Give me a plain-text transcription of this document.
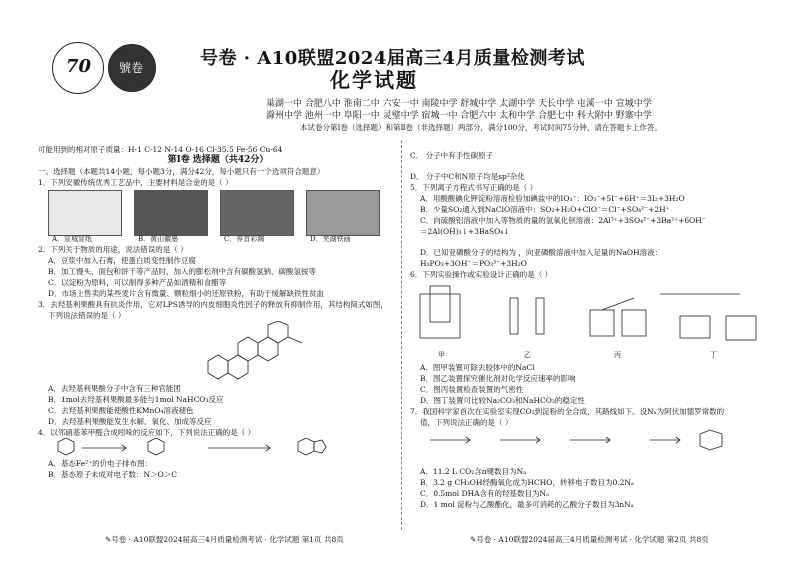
70 號卷	号卷 · A10联盟2024届高三4月质量检测考试
化学试题
巢湖一中 合肥八中 淮南二中 六安一中 南陵中学 舒城中学 太湖中学 天长中学 屯溪一中 宣城中学
滁州中学 池州一中 阜阳一中 灵璧中学 宿城一中 合肥六中 太和中学 合肥七中 科大附中 野寨中学
本试卷分第Ⅰ卷（选择题）和第Ⅱ卷（非选择题）两部分，满分100分，考试时间75分钟，请在答题卡上作答。
可能用到的相对原子质量：H-1 C-12 N-14 O-16 Cl-35.5 Fe-56 Cu-64
第Ⅰ卷 选择题（共42分）
一、选择题（本题共14小题，每小题3分，满分42分，每小题只有一个选项符合题意）
1．下列安徽传统优秀工艺品中，主要材料是合金的是（ ）
A．宣城宣纸	B．黄山徽墨	C．界首彩陶	D．芜湖铁画
2．下列关于物质的用途，说法错误的是（ ）
A．豆浆中加入石膏，使蛋白质变性制作豆腐
B．加工馒头、面包和饼干等产品时，加入的膨松剂中含有碳酸氢钠、碳酸氢铵等
C．以淀粉为原料，可以制得多种产品如酒精和食醋等
D．市场上售卖的某些麦片含有微量、颗粒细小的还原铁粉，有助于缓解缺铁性贫血
3．去羟基利果酸具有抗炎作用，它对LPS诱导的内皮细胞炎性因子的释放有抑制作用，其结构简式如图，
下列说法错误的是（ ）
A．去羟基利果酸分子中含有三种官能团
B．1mol去羟基利果酸最多能与1mol NaHCO₃反应
C．去羟基利果酸能使酸性KMnO₄溶液褪色
D．去羟基利果酸能发生水解、氧化、加成等反应
4．以邻硝基苯甲醛合成吲哚的反应如下，下列说法正确的是（ ）
A．基态Fe²⁺的价电子排布图：
B．基态原子未成对电子数：N＞O＞C
C． 分子中有手性碳原子
D． 分子中C和N原子均是sp²杂化
5．下列离子方程式书写正确的是（ ）
A．用酸酸碘化钾淀粉溶液检验加碘盐中的IO₃⁻：IO₃⁻+5I⁻+6H⁺＝3I₂+3H₂O
B．少量SO₂通入到NaClO溶液中：SO₂+H₂O+ClO⁻＝Cl⁻+SO₄²⁻+2H⁺
C．向硫酸铝溶液中加入等物质的量的氢氧化钡溶液：2Al³⁺+3SO₄²⁻+3Ba²⁺+6OH⁻
＝2Al(OH)₃↓+3BaSO₄↓
D．已知亚磷酸分子的结构为 ，向亚磷酸溶液中加入足量的NaOH溶液：
H₃PO₃+3OH⁻＝PO₃³⁻+3H₂O
6．下列实验操作或实验设计正确的是（ ）
甲	乙	丙	丁
A．图甲装置可除去胶体中的NaCl
B．图乙装置探究催化剂对化学反应速率的影响
C．图丙装置检查装置的气密性
D．图丁装置可比较Na₂CO₃和NaHCO₃的稳定性
7．我国科学家首次在实验室实现CO₂到淀粉的全合成，其路线如下。设Nₐ为阿伏加德罗常数的
值，下列说法正确的是（ ）
A．11.2 L CO₂含π键数目为Nₐ
B．3.2 g CH₃OH经酶氧化成为HCHO，转移电子数目为0.2Nₐ
C．0.5mol DHA含有的羟基数目为Nₐ
D．1 mol 淀粉与乙酸酯化，最多可消耗的乙酸分子数目为3nNₐ
✎号卷 · A10联盟2024届高三4月质量检测考试 · 化学试题 第1页 共8页	✎号卷 · A10联盟2024届高三4月质量检测考试 · 化学试题 第2页 共8页
